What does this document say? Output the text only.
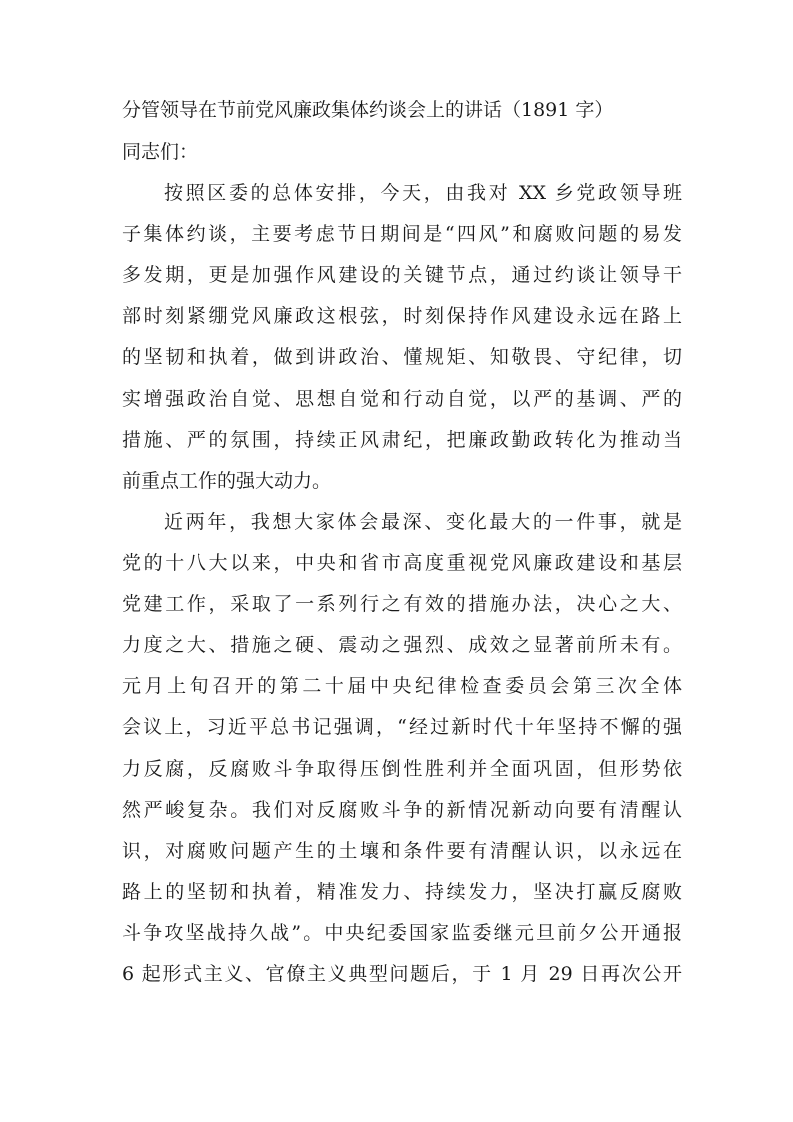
分管领导在节前党风廉政集体约谈会上的讲话（1891 字）
同志们：
按照区委的总体安排，今天，由我对 XX 乡党政领导班
子集体约谈，主要考虑节日期间是“四风”和腐败问题的易发
多发期，更是加强作风建设的关键节点，通过约谈让领导干
部时刻紧绷党风廉政这根弦，时刻保持作风建设永远在路上
的坚韧和执着，做到讲政治、懂规矩、知敬畏、守纪律，切
实增强政治自觉、思想自觉和行动自觉，以严的基调、严的
措施、严的氛围，持续正风肃纪，把廉政勤政转化为推动当
前重点工作的强大动力。
近两年，我想大家体会最深、变化最大的一件事，就是
党的十八大以来，中央和省市高度重视党风廉政建设和基层
党建工作，采取了一系列行之有效的措施办法，决心之大、
力度之大、措施之硬、震动之强烈、成效之显著前所未有。
元月上旬召开的第二十届中央纪律检查委员会第三次全体
会议上，习近平总书记强调，“经过新时代十年坚持不懈的强
力反腐，反腐败斗争取得压倒性胜利并全面巩固，但形势依
然严峻复杂。我们对反腐败斗争的新情况新动向要有清醒认
识，对腐败问题产生的土壤和条件要有清醒认识，以永远在
路上的坚韧和执着，精准发力、持续发力，坚决打赢反腐败
斗争攻坚战持久战”。中央纪委国家监委继元旦前夕公开通报
6 起形式主义、官僚主义典型问题后，于 1 月 29 日再次公开
